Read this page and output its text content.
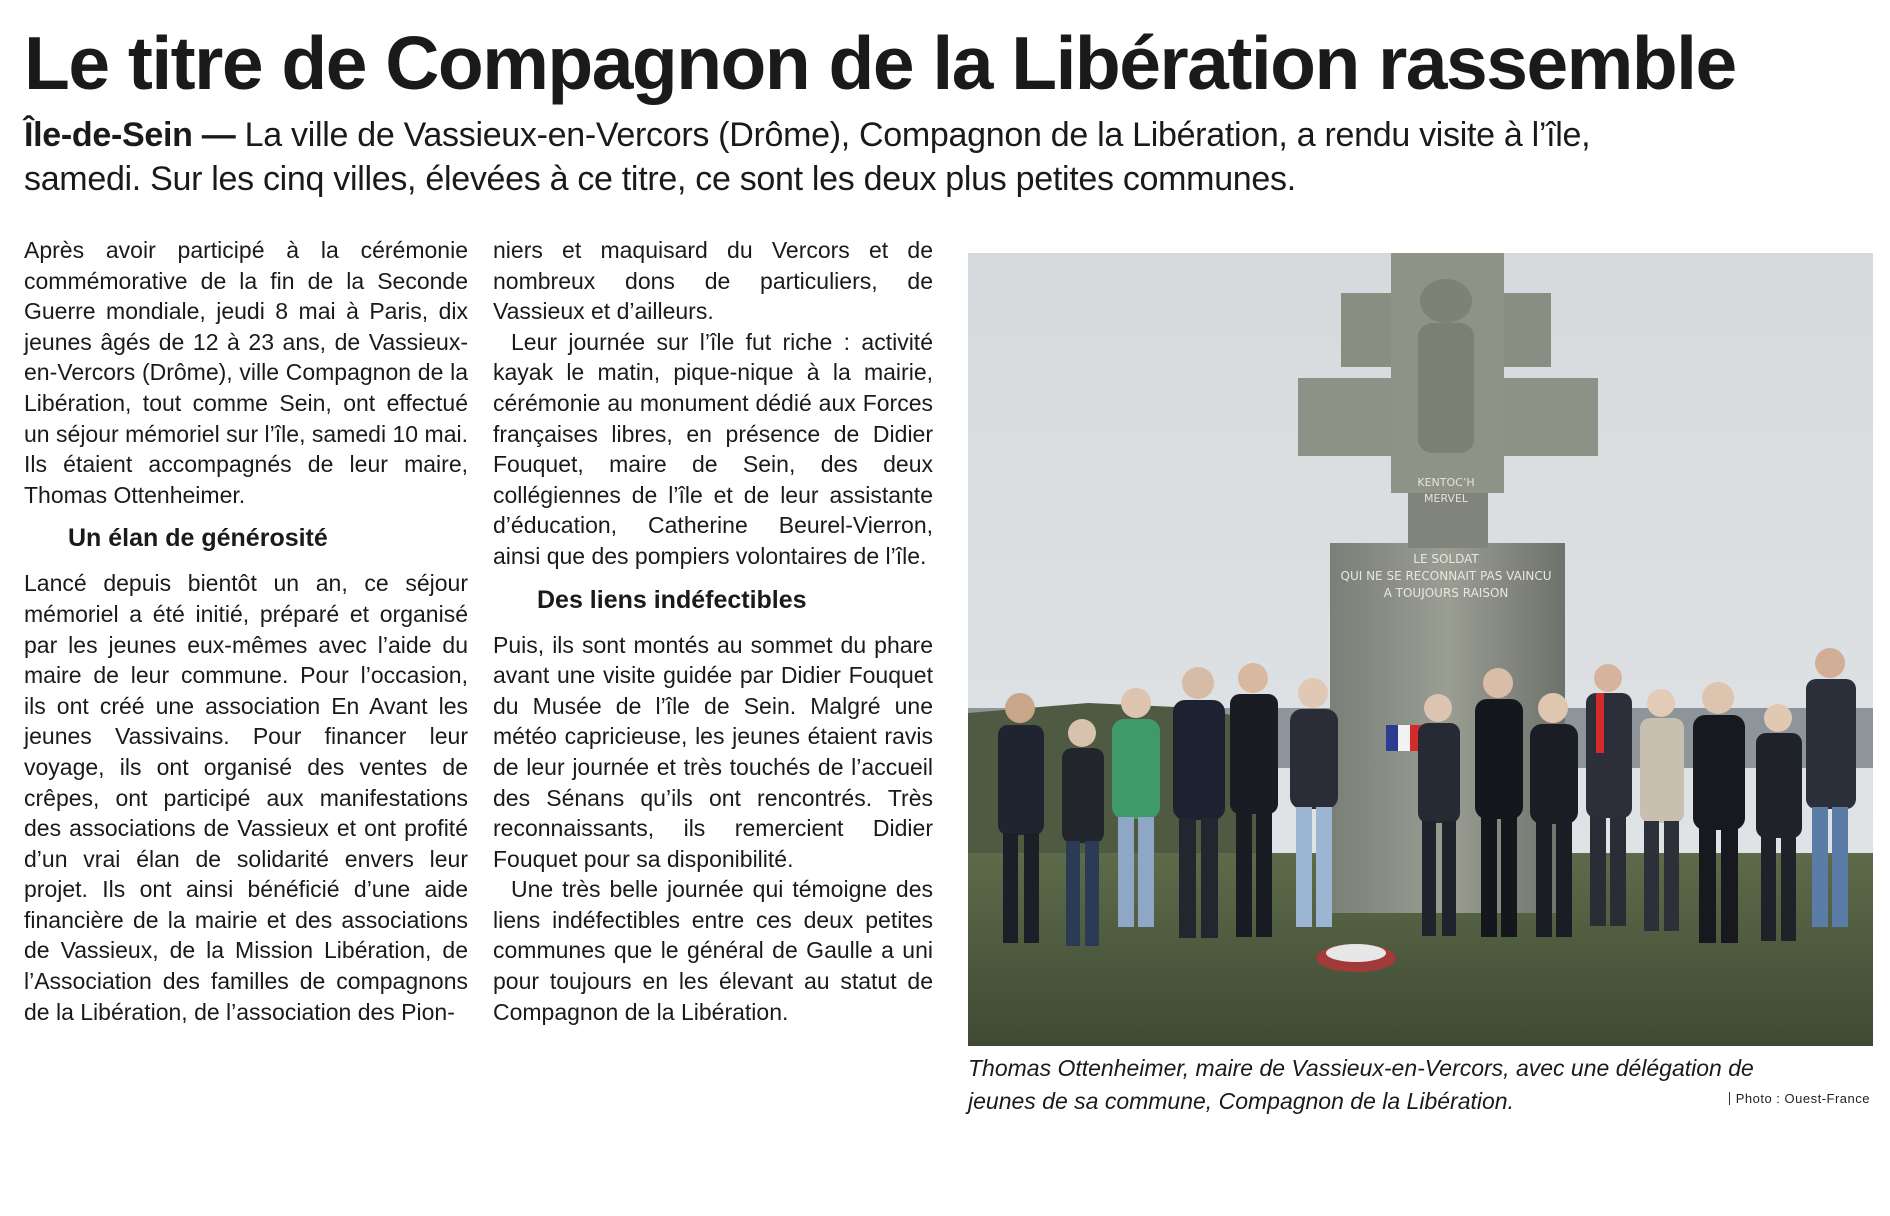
Le titre de Compagnon de la Libération rassemble

Île-de-Sein — La ville de Vassieux-en-Vercors (Drôme), Compagnon de la Libération, a rendu visite à l’île, samedi. Sur les cinq villes, élevées à ce titre, ce sont les deux plus petites communes.

Après avoir participé à la cérémonie commémorative de la fin de la Seconde Guerre mondiale, jeudi 8 mai à Paris, dix jeunes âgés de 12 à 23 ans, de Vassieux-en-Vercors (Drôme), ville Compagnon de la Libération, tout comme Sein, ont effectué un séjour mémoriel sur l’île, samedi 10 mai. Ils étaient accompagnés de leur maire, Thomas Ottenheimer.

Un élan de générosité

Lancé depuis bientôt un an, ce séjour mémoriel a été initié, préparé et organisé par les jeunes eux-mêmes avec l’aide du maire de leur commune. Pour l’occasion, ils ont créé une association En Avant les jeunes Vassivains. Pour financer leur voyage, ils ont organisé des ventes de crêpes, ont participé aux manifestations des associations de Vassieux et ont profité d’un vrai élan de solidarité envers leur projet. Ils ont ainsi bénéficié d’une aide financière de la mairie et des associations de Vassieux, de la Mission Libération, de l’Association des familles de compagnons de la Libération, de l’association des Pion-

niers et maquisard du Vercors et de nombreux dons de particuliers, de Vassieux et d’ailleurs.

Leur journée sur l’île fut riche : activité kayak le matin, pique-nique à la mairie, cérémonie au monument dédié aux Forces françaises libres, en présence de Didier Fouquet, maire de Sein, des deux collégiennes de l’île et de leur assistante d’éducation, Catherine Beurel-Vierron, ainsi que des pompiers volontaires de l’île.

Des liens indéfectibles

Puis, ils sont montés au sommet du phare avant une visite guidée par Didier Fouquet du Musée de l’île de Sein. Malgré une météo capricieuse, les jeunes étaient ravis de leur journée et très touchés de l’accueil des Sénans qu’ils ont rencontrés. Très reconnaissants, ils remercient Didier Fouquet pour sa disponibilité.

Une très belle journée qui témoigne des liens indéfectibles entre ces deux petites communes que le général de Gaulle a uni pour toujours en les élevant au statut de Compagnon de la Libération.

KENTOC’H
MERVEL
LE SOLDAT
QUI NE SE RECONNAIT PAS VAINCU
A TOUJOURS RAISON
Thomas Ottenheimer, maire de Vassieux-en-Vercors, avec une délégation de jeunes de sa commune, Compagnon de la Libération.	Photo : Ouest-France
